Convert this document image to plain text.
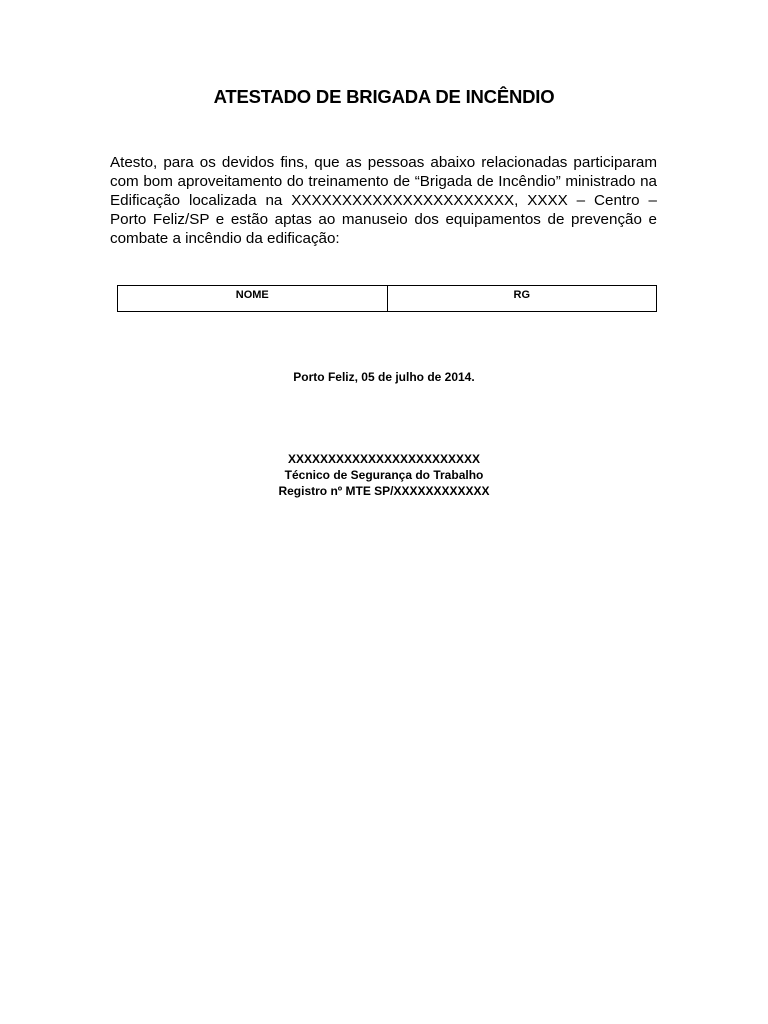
ATESTADO DE BRIGADA DE INCÊNDIO

Atesto, para os devidos fins, que as pessoas abaixo relacionadas participaram com bom aproveitamento do treinamento de “Brigada de Incêndio” ministrado na Edificação localizada na XXXXXXXXXXXXXXXXXXXXXX, XXXX – Centro – Porto Feliz/SP e estão aptas ao manuseio dos equipamentos de prevenção e combate a incêndio da edificação:

NOME	RG

Porto Feliz, 05 de julho de 2014.

XXXXXXXXXXXXXXXXXXXXXXXX
Técnico de Segurança do Trabalho
Registro nº MTE SP/XXXXXXXXXXXX
